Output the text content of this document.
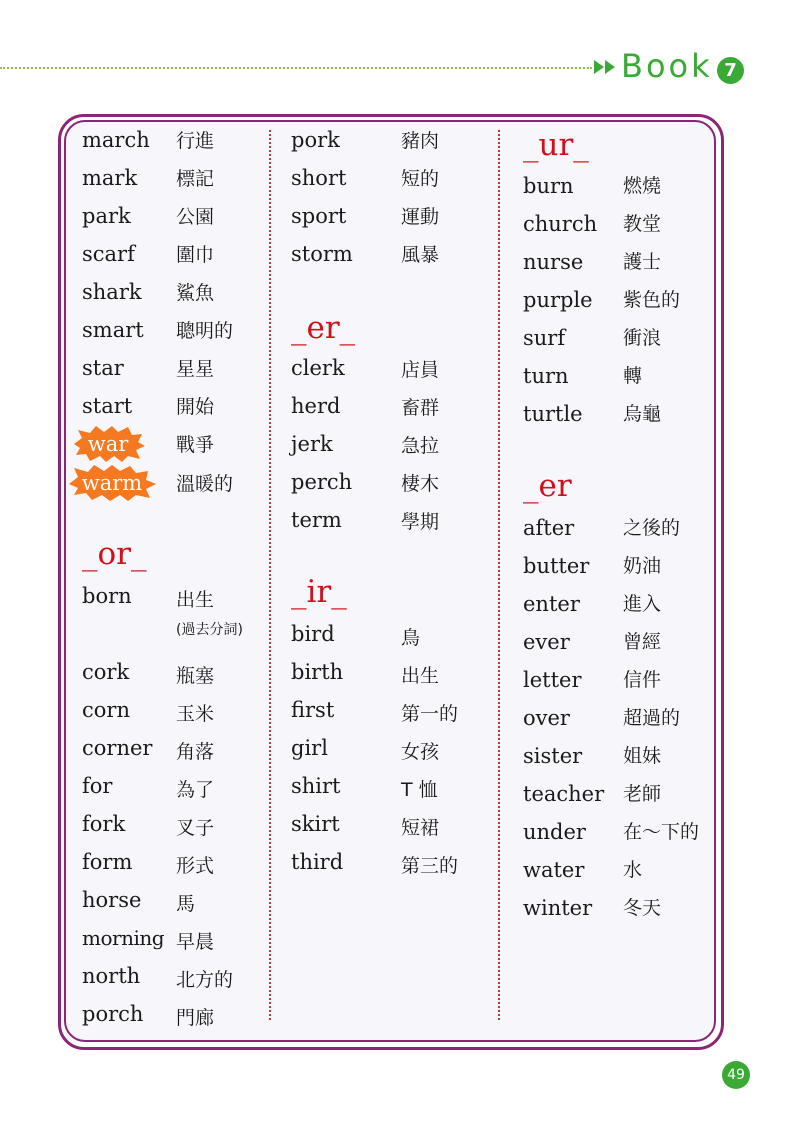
Book 7
march 行進
mark 標記
park 公園
scarf 圍巾
shark 鯊魚
smart 聰明的
star	星星
start 開始
war	戰爭
warm	溫暖的
_or_
born 出生
(過去分詞)
cork 瓶塞
corn 玉米
corner 角落
for	為了
fork	叉子
form 形式
horse 馬
morning 早晨
north 北方的
porch 門廊
pork	豬肉
short	短的
sport	運動
storm	風暴
_er_
clerk	店員
herd	畜群
jerk	急拉
perch	棲木
term	學期
_ir_
bird	鳥
birth	出生
first	第一的
girl	女孩
shirt	T 恤
skirt	短裙
third	第三的
_ur_
burn	燃燒
church 教堂
nurse 護士
purple 紫色的
surf	衝浪
turn	轉
turtle 烏龜
_er
after	之後的
butter 奶油
enter 進入
ever	曾經
letter 信件
over	超過的
sister 姐妹
teacher 老師
under 在～下的
water 水
winter 冬天
49
